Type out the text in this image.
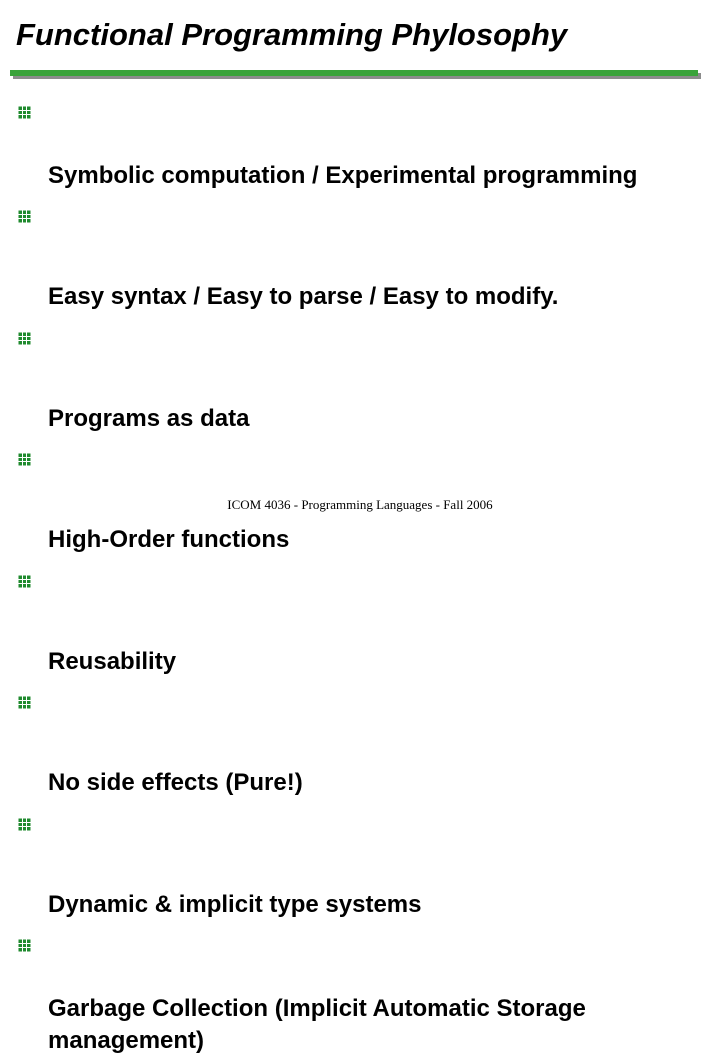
Functional Programming Phylosophy

Symbolic computation / Experimental programming

Easy syntax / Easy to parse / Easy to modify.

Programs as data

High-Order functions

Reusability

No side effects (Pure!)

Dynamic & implicit type systems

Garbage Collection (Implicit Automatic Storage management)

ICOM 4036 - Programming Languages - Fall 2006
